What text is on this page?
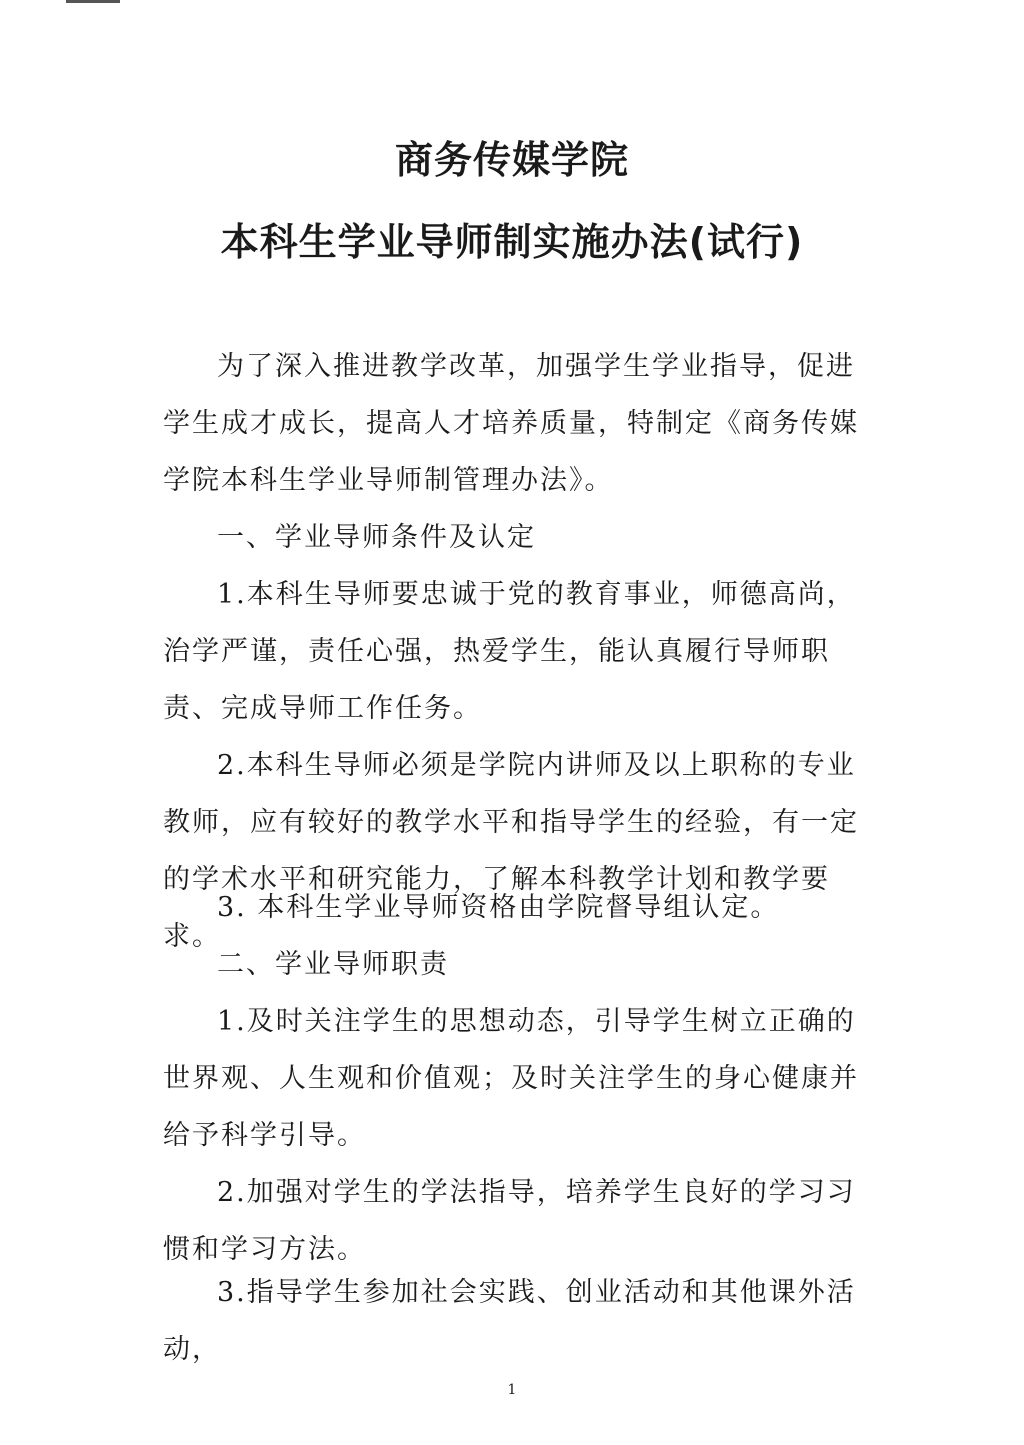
商务传媒学院
本科生学业导师制实施办法(试行)

为了深入推进教学改革，加强学生学业指导，促进学生成才成长，提高人才培养质量，特制定《商务传媒学院本科生学业导师制管理办法》。

一、学业导师条件及认定

1.本科生导师要忠诚于党的教育事业，师德高尚，治学严谨，责任心强，热爱学生，能认真履行导师职责、完成导师工作任务。

2.本科生导师必须是学院内讲师及以上职称的专业教师，应有较好的教学水平和指导学生的经验，有一定的学术水平和研究能力，了解本科教学计划和教学要求。

3. 本科生学业导师资格由学院督导组认定。

二、学业导师职责

1.及时关注学生的思想动态，引导学生树立正确的世界观、人生观和价值观；及时关注学生的身心健康并给予科学引导。

2.加强对学生的学法指导，培养学生良好的学习习惯和学习方法。

3.指导学生参加社会实践、创业活动和其他课外活动，

1
